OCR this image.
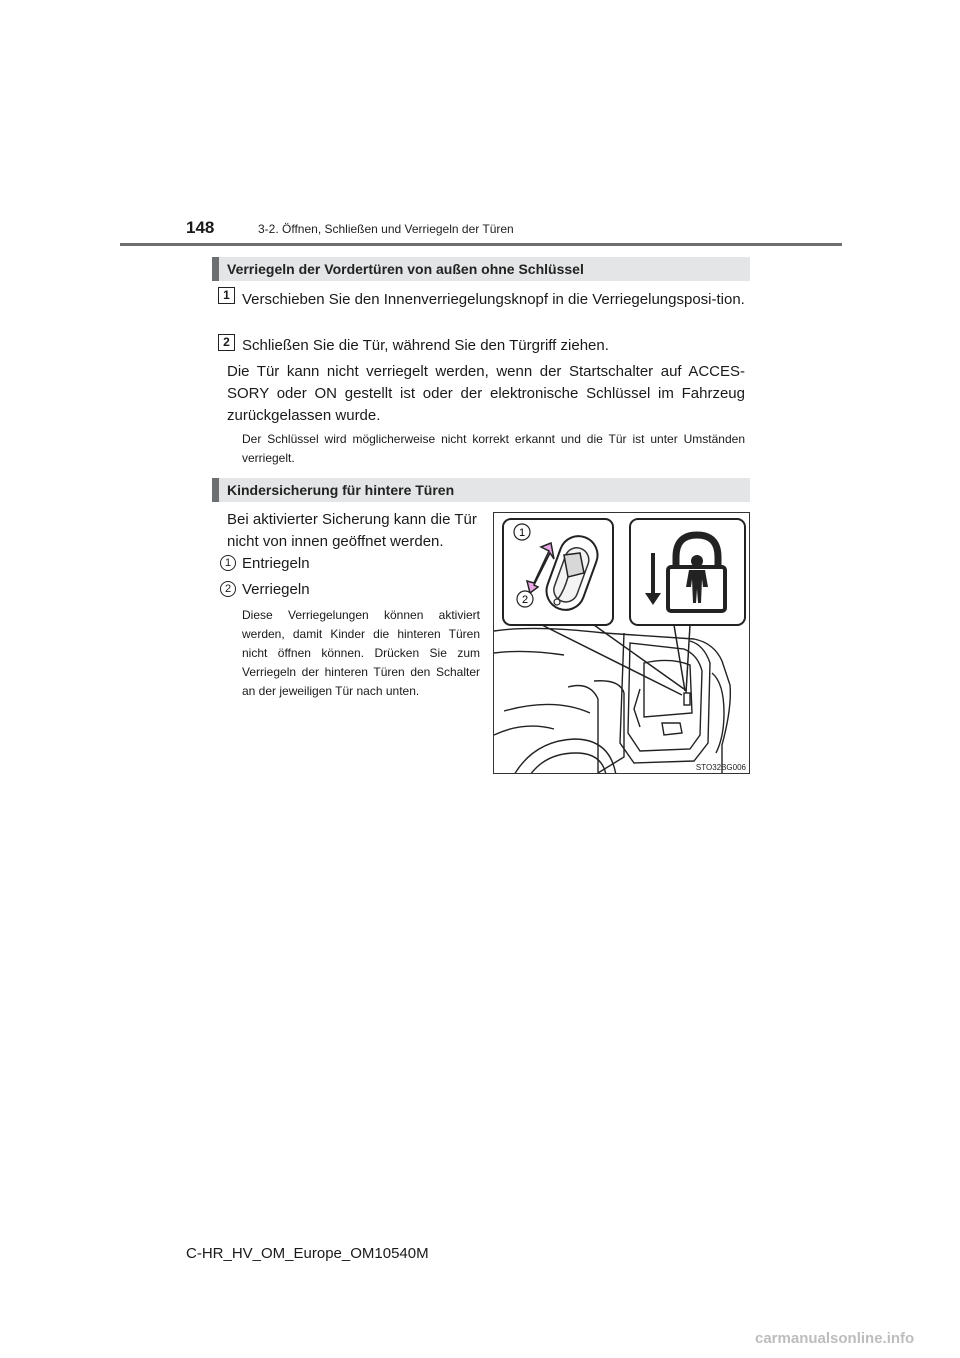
148	3-2. Öffnen, Schließen und Verriegeln der Türen
Verriegeln der Vordertüren von außen ohne Schlüssel
1 Verschieben Sie den Innenverriegelungsknopf in die Verriegelungsposi-tion.
2 Schließen Sie die Tür, während Sie den Türgriff ziehen.
Die Tür kann nicht verriegelt werden, wenn der Startschalter auf ACCES-SORY oder ON gestellt ist oder der elektronische Schlüssel im Fahrzeug zurückgelassen wurde.
Der Schlüssel wird möglicherweise nicht korrekt erkannt und die Tür ist unter Umständen verriegelt.
Kindersicherung für hintere Türen
Bei aktivierter Sicherung kann die Tür nicht von innen geöffnet werden.
1 Entriegeln
2 Verriegeln
Diese Verriegelungen können aktiviert werden, damit Kinder die hinteren Türen nicht öffnen können. Drücken Sie zum Verriegeln der hinteren Türen den Schalter an der jeweiligen Tür nach unten.
1
2
STO32BG006
C-HR_HV_OM_Europe_OM10540M
carmanualsonline.info
